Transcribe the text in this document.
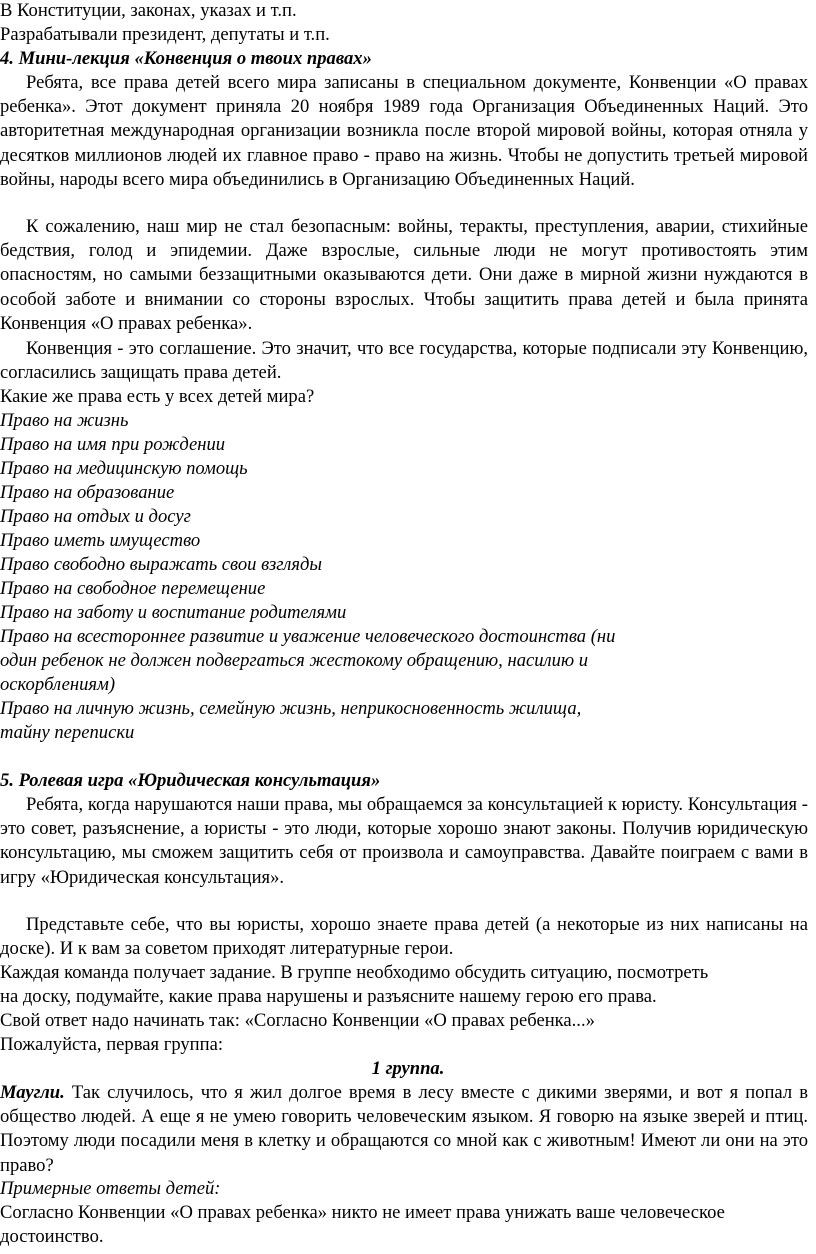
В Конституции, законах, указах и т.п.
Разрабатывали президент, депутаты и т.п.
4. Мини-лекция «Конвенция о твоих правах»

Ребята, все права детей всего мира записаны в специальном документе, Конвенции «О правах ребенка». Этот документ приняла 20 ноября 1989 года Организация Объединенных Наций. Это авторитетная международная организации возникла после второй мировой войны, которая отняла у десятков миллионов людей их главное право - право на жизнь. Чтобы не допустить третьей мировой войны, народы всего мира объединились в Организацию Объединенных Наций.

К сожалению, наш мир не стал безопасным: войны, теракты, преступления, аварии, стихийные бедствия, голод и эпидемии. Даже взрослые, сильные люди не могут противостоять этим опасностям, но самыми беззащитными оказываются дети. Они даже в мирной жизни нуждаются в особой заботе и внимании со стороны взрослых. Чтобы защитить права детей и была принята Конвенция «О правах ребенка».

Конвенция - это соглашение. Это значит, что все государства, которые подписали эту Конвенцию, согласились защищать права детей.

Какие же права есть у всех детей мира?
Право на жизнь
Право на имя при рождении
Право на медицинскую помощь
Право на образование
Право на отдых и досуг
Право иметь имущество
Право свободно выражать свои взгляды
Право на свободное перемещение
Право на заботу и воспитание родителями
Право на всестороннее развитие и уважение человеческого достоинства (ни
один ребенок не должен подвергаться жестокому обращению, насилию и
оскорблениям)
Право на личную жизнь, семейную жизнь, неприкосновенность жилища,
тайну переписки
5. Ролевая игра «Юридическая консультация»

Ребята, когда нарушаются наши права, мы обращаемся за консультацией к юристу. Консультация - это совет, разъяснение, а юристы - это люди, которые хорошо знают законы. Получив юридическую консультацию, мы сможем защитить себя от произвола и самоуправства. Давайте поиграем с вами в игру «Юридическая консультация».

Представьте себе, что вы юристы, хорошо знаете права детей (а некоторые из них написаны на доске). И к вам за советом приходят литературные герои.

Каждая команда получает задание. В группе необходимо обсудить ситуацию, посмотреть
на доску, подумайте, какие права нарушены и разъясните нашему герою его права.
Свой ответ надо начинать так: «Согласно Конвенции «О правах ребенка...»
Пожалуйста, первая группа:
1 группа.

Маугли. Так случилось, что я жил долгое время в лесу вместе с дикими зверями, и вот я попал в общество людей. А еще я не умею говорить человеческим языком. Я говорю на языке зверей и птиц. Поэтому люди посадили меня в клетку и обращаются со мной как с животным! Имеют ли они на это право?

Примерные ответы детей:

Согласно Конвенции «О правах ребенка» никто не имеет права унижать ваше человеческое достоинство.
